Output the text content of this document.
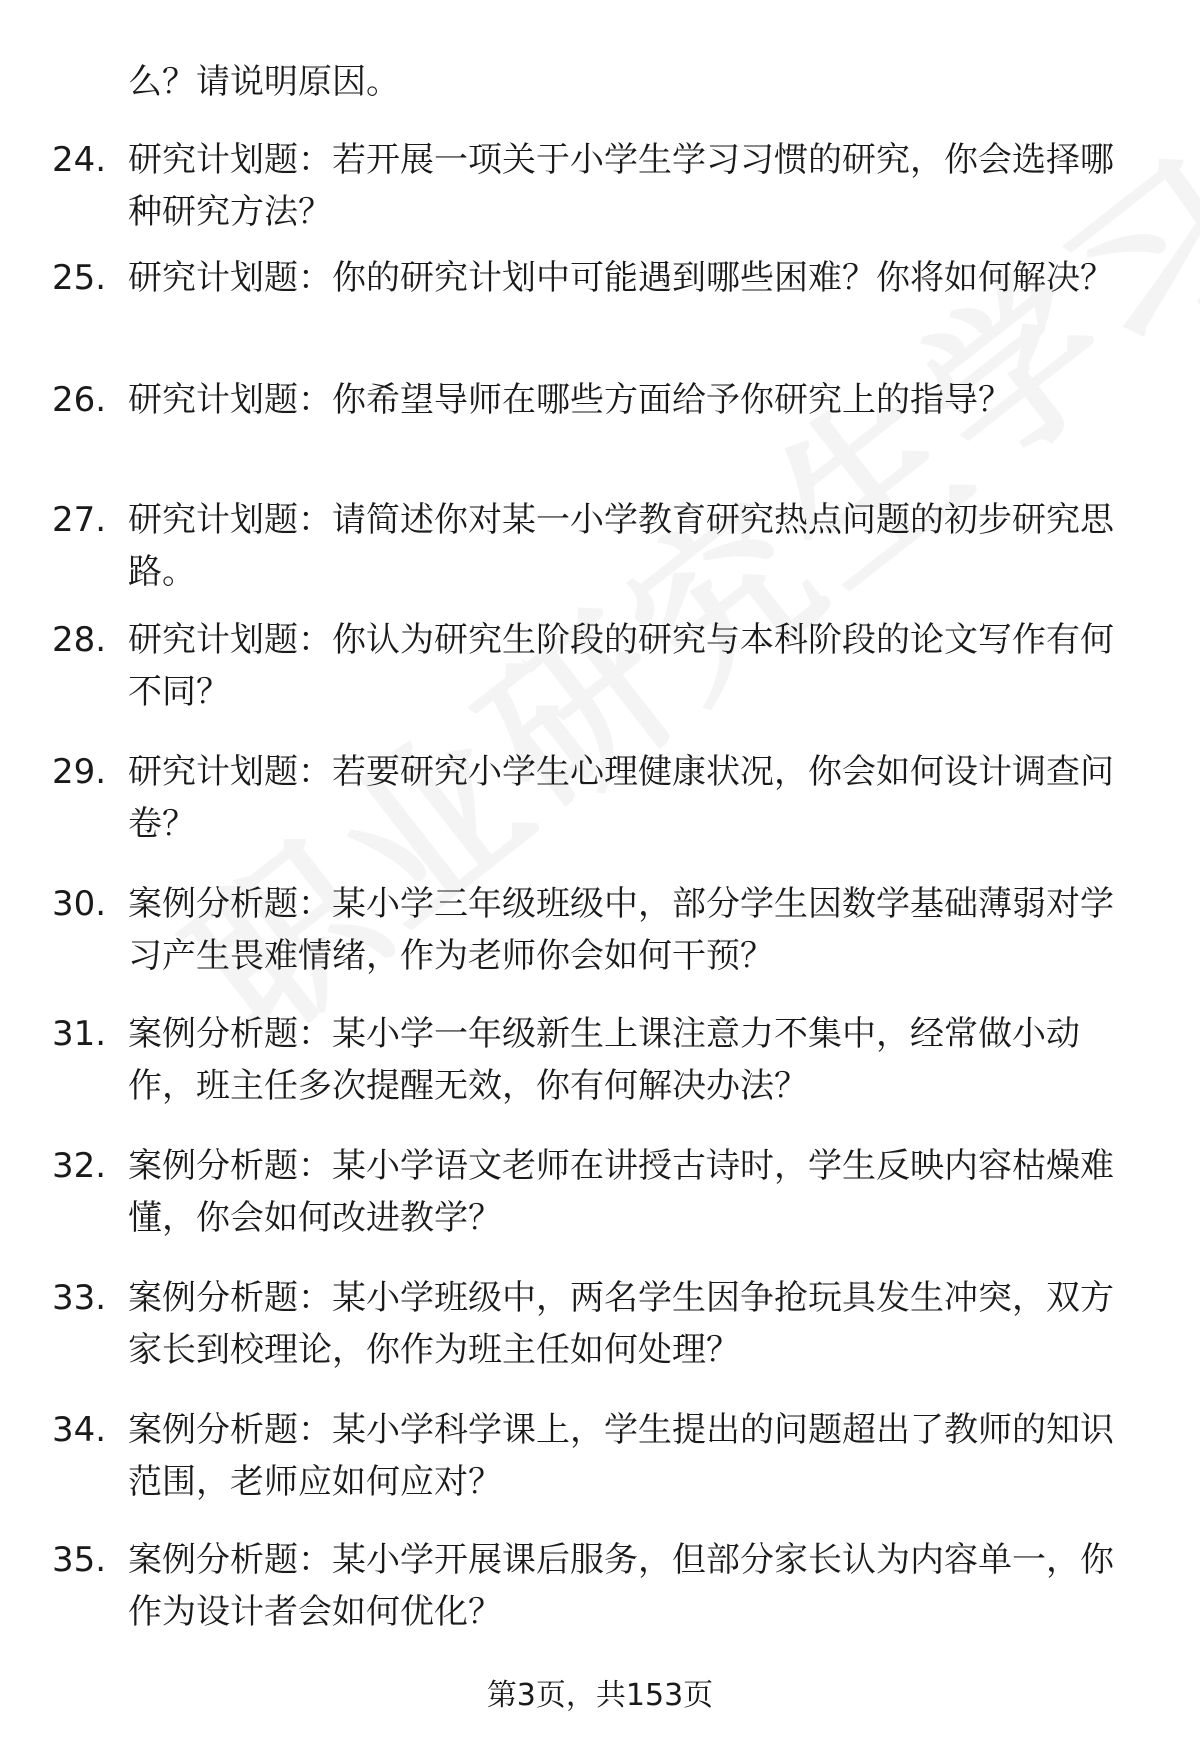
么？请说明原因。
24. 研究计划题：若开展一项关于小学生学习习惯的研究，你会选择哪种研究方法？
25. 研究计划题：你的研究计划中可能遇到哪些困难？你将如何解决？
26. 研究计划题：你希望导师在哪些方面给予你研究上的指导？
27. 研究计划题：请简述你对某一小学教育研究热点问题的初步研究思路。
28. 研究计划题：你认为研究生阶段的研究与本科阶段的论文写作有何不同？
29. 研究计划题：若要研究小学生心理健康状况，你会如何设计调查问卷？
30. 案例分析题：某小学三年级班级中，部分学生因数学基础薄弱对学习产生畏难情绪，作为老师你会如何干预？
31. 案例分析题：某小学一年级新生上课注意力不集中，经常做小动作，班主任多次提醒无效，你有何解决办法？
32. 案例分析题：某小学语文老师在讲授古诗时，学生反映内容枯燥难懂，你会如何改进教学？
33. 案例分析题：某小学班级中，两名学生因争抢玩具发生冲突，双方家长到校理论，你作为班主任如何处理？
34. 案例分析题：某小学科学课上，学生提出的问题超出了教师的知识范围，老师应如何应对？
35. 案例分析题：某小学开展课后服务，但部分家长认为内容单一，你作为设计者会如何优化？
第3页，共153页
